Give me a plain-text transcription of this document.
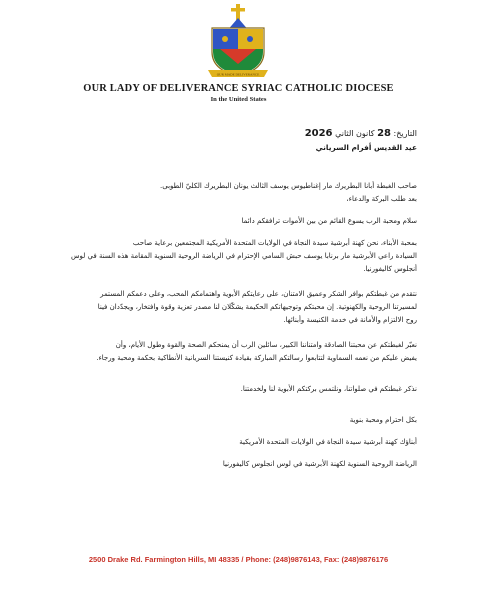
OUR MADE DELIVERANCE
OUR LADY OF DELIVERANCE SYRIAC CATHOLIC DIOCESE
In the United States
التاريخ: 28 كانون الثاني 2026
عيد القديس أفرام السرياني

صاحب الغبطة أبانا البطريرك مار إغناطيوس يوسف الثالث يونان البطريرك الكليّ الطوبى.

بعد طلب البركة والدعاء،

سلام ومحبة الرب يسوع القائم من بين الأموات ترافقكم دائما

بمحبة الأبناء، نحن كهنة أبرشية سيدة النجاة في الولايات المتحدة الأمريكية المجتمعين برعاية صاحب

السيادة راعي الأبرشية مار برنابا يوسف حبش السامي الإحترام في الرياضة الروحية السنوية المقامة هذه السنة في لوس

أنجلوس كاليفورنيا.

نتقدم من غبطتكم بوافر الشكر وعميق الامتنان، على رعايتكم الأبوية واهتمامكم المحب، وعلى دعمكم المستمر

لمسيرتنا الروحية والكهنوتية. إن محبتكم وتوجيهاتكم الحكيمة يشكّلان لنا مصدر تعزية وقوة وافتخار، ويجدّدان فينا

روح الالتزام والأمانة في خدمة الكنيسة وأبنائها.

نعبّر لغبطتكم عن محبتنا الصادقة وامتناننا الكبير، سائلين الرب أن يمنحكم الصحة والقوة وطول الأيام، وأن

يفيض عليكم من نعمه السماوية لتتابعوا رسالتكم المباركة بقيادة كنيستنا السريانية الأنطاكية بحكمة ومحبة ورجاء.

نذكر غبطتكم في صلواتنا، ونلتمس بركتكم الأبوية لنا ولخدمتنا.

بكل احترام ومحبة بنوية

أبناؤك كهنة أبرشية سيدة النجاة في الولايات المتحدة الأمريكية

الرياضة الروحية السنوية لكهنة الأبرشية في لوس انجلوس كاليفورنيا

2500 Drake Rd. Farmington Hills, MI 48335 / Phone: (248)9876143, Fax: (248)9876176
